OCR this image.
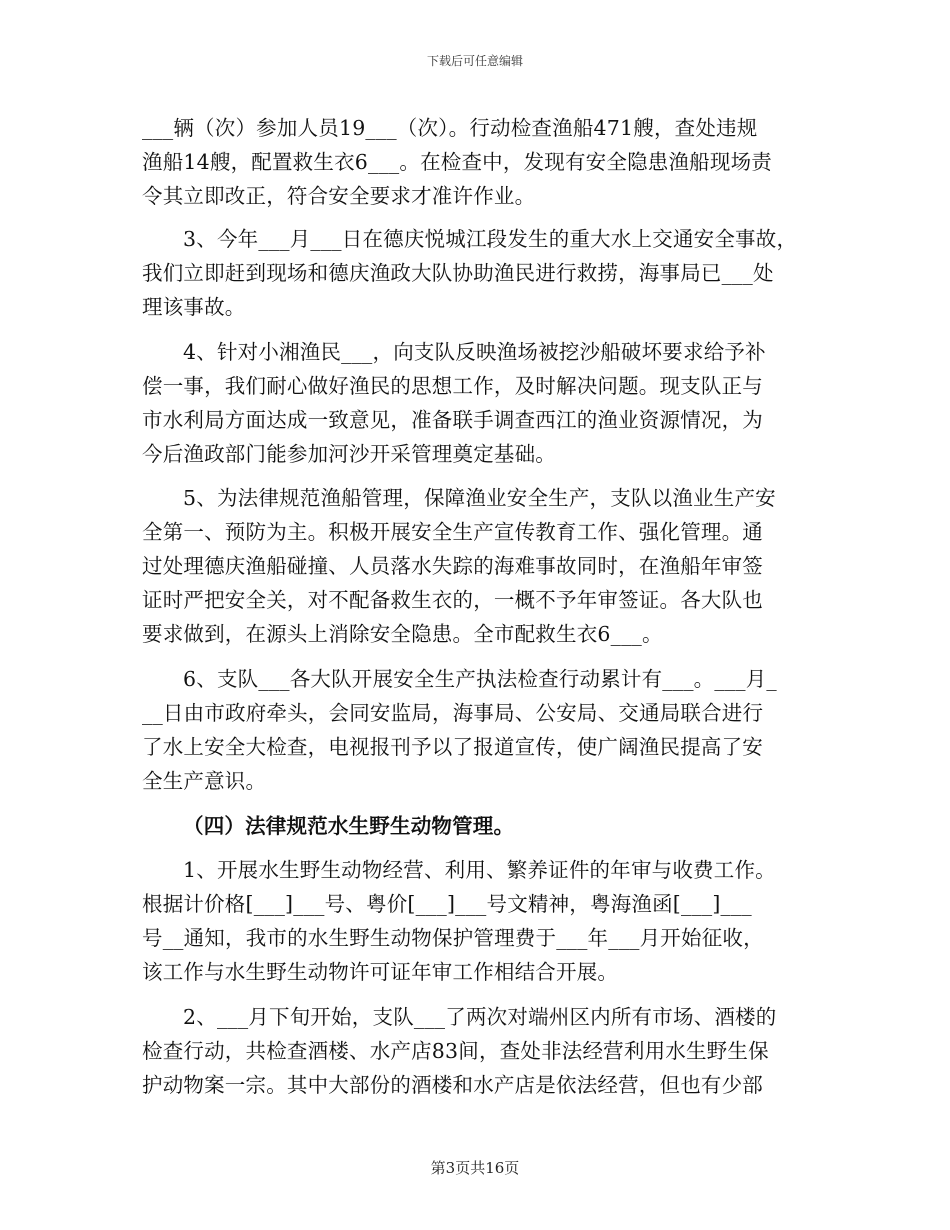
下载后可任意编辑
___辆（次）参加人员19___（次）。行动检查渔船471艘，查处违规
渔船14艘，配置救生衣6___。在检查中，发现有安全隐患渔船现场责
令其立即改正，符合安全要求才准许作业。
3、今年___月___日在德庆悦城江段发生的重大水上交通安全事故，
我们立即赶到现场和德庆渔政大队协助渔民进行救捞，海事局已___处
理该事故。
4、针对小湘渔民___，向支队反映渔场被挖沙船破坏要求给予补
偿一事，我们耐心做好渔民的思想工作，及时解决问题。现支队正与
市水利局方面达成一致意见，准备联手调查西江的渔业资源情况，为
今后渔政部门能参加河沙开采管理奠定基础。
5、为法律规范渔船管理，保障渔业安全生产，支队以渔业生产安
全第一、预防为主。积极开展安全生产宣传教育工作、强化管理。通
过处理德庆渔船碰撞、人员落水失踪的海难事故同时，在渔船年审签
证时严把安全关，对不配备救生衣的，一概不予年审签证。各大队也
要求做到，在源头上消除安全隐患。全市配救生衣6___。
6、支队___各大队开展安全生产执法检查行动累计有___。___月_
__日由市政府牵头，会同安监局，海事局、公安局、交通局联合进行
了水上安全大检查，电视报刊予以了报道宣传，使广阔渔民提高了安
全生产意识。
（四）法律规范水生野生动物管理。
1、开展水生野生动物经营、利用、繁养证件的年审与收费工作。
根据计价格[___]___号、粤价[___]___号文精神，粤海渔函[___]___
号__通知，我市的水生野生动物保护管理费于___年___月开始征收，
该工作与水生野生动物许可证年审工作相结合开展。
2、___月下旬开始，支队___了两次对端州区内所有市场、酒楼的
检查行动，共检查酒楼、水产店83间，查处非法经营利用水生野生保
护动物案一宗。其中大部份的酒楼和水产店是依法经营，但也有少部
第3页共16页
